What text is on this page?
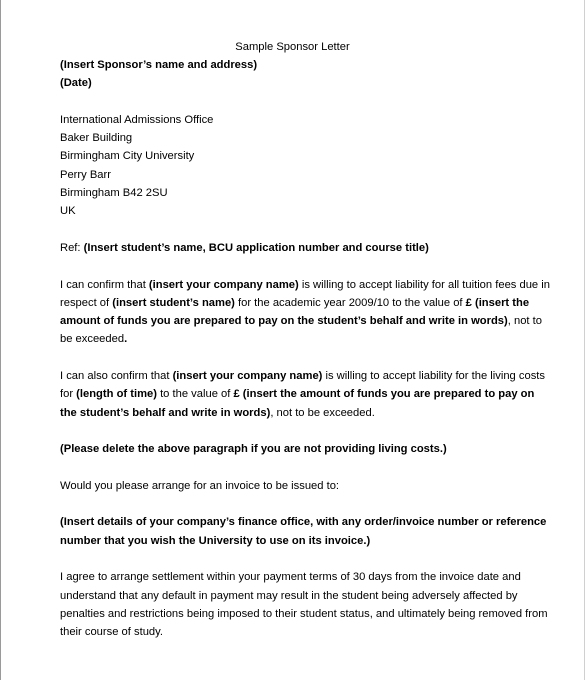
Sample Sponsor Letter

(Insert Sponsor’s name and address)

(Date)

International Admissions Office

Baker Building

Birmingham City University

Perry Barr

Birmingham B42 2SU

UK

Ref: (Insert student’s name, BCU application number and course title)

I can confirm that (insert your company name) is willing to accept liability for all tuition fees due in

respect of (insert student’s name) for the academic year 2009/10 to the value of £ (insert the

amount of funds you are prepared to pay on the student’s behalf and write in words), not to

be exceeded.

I can also confirm that (insert your company name) is willing to accept liability for the living costs

for (length of time) to the value of £ (insert the amount of funds you are prepared to pay on

the student’s behalf and write in words), not to be exceeded.

(Please delete the above paragraph if you are not providing living costs.)

Would you please arrange for an invoice to be issued to:

(Insert details of your company’s finance office, with any order/invoice number or reference

number that you wish the University to use on its invoice.)

I agree to arrange settlement within your payment terms of 30 days from the invoice date and

understand that any default in payment may result in the student being adversely affected by

penalties and restrictions being imposed to their student status, and ultimately being removed from

their course of study.
